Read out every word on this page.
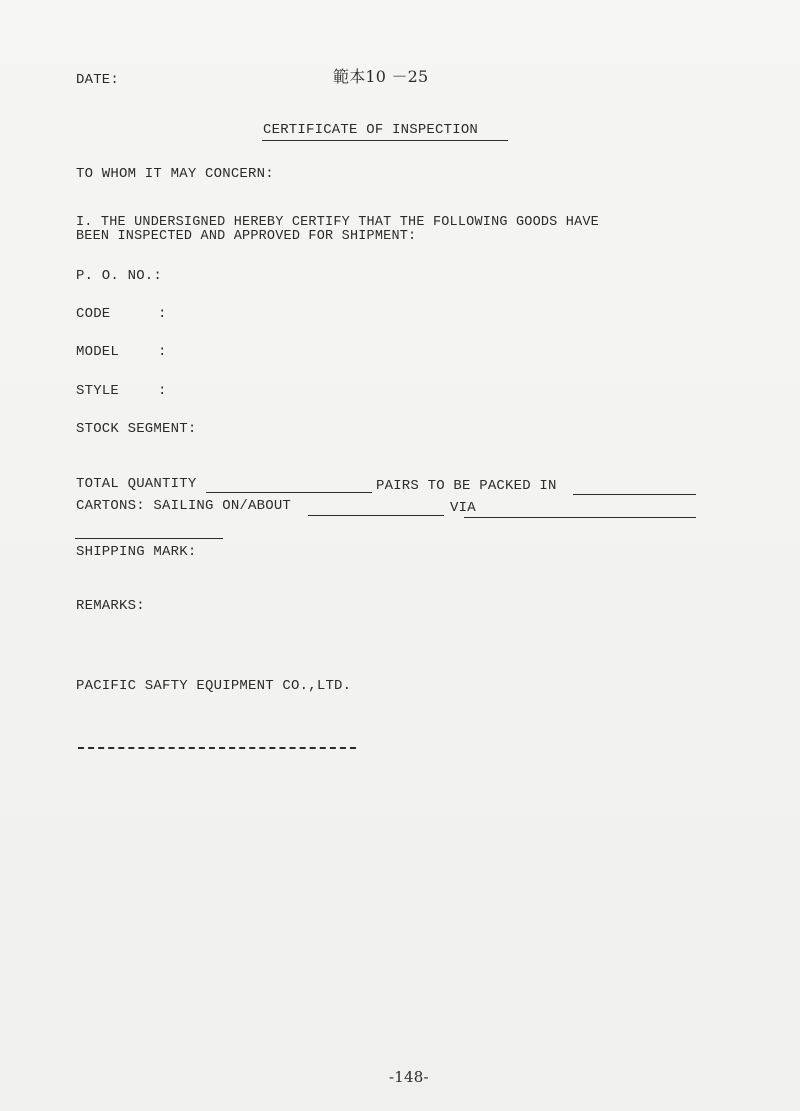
DATE:	範本10 －25
CERTIFICATE OF INSPECTION
TO WHOM IT MAY CONCERN:
I. THE UNDERSIGNED HEREBY CERTIFY THAT THE FOLLOWING GOODS HAVE
BEEN INSPECTED AND APPROVED FOR SHIPMENT:
P. O. NO.:
CODE	:
MODEL	:
STYLE	:
STOCK SEGMENT:
TOTAL QUANTITY	PAIRS TO BE PACKED IN
CARTONS: SAILING ON/ABOUT	VIA
SHIPPING MARK:
REMARKS:
PACIFIC SAFTY EQUIPMENT CO.,LTD.
-148-
